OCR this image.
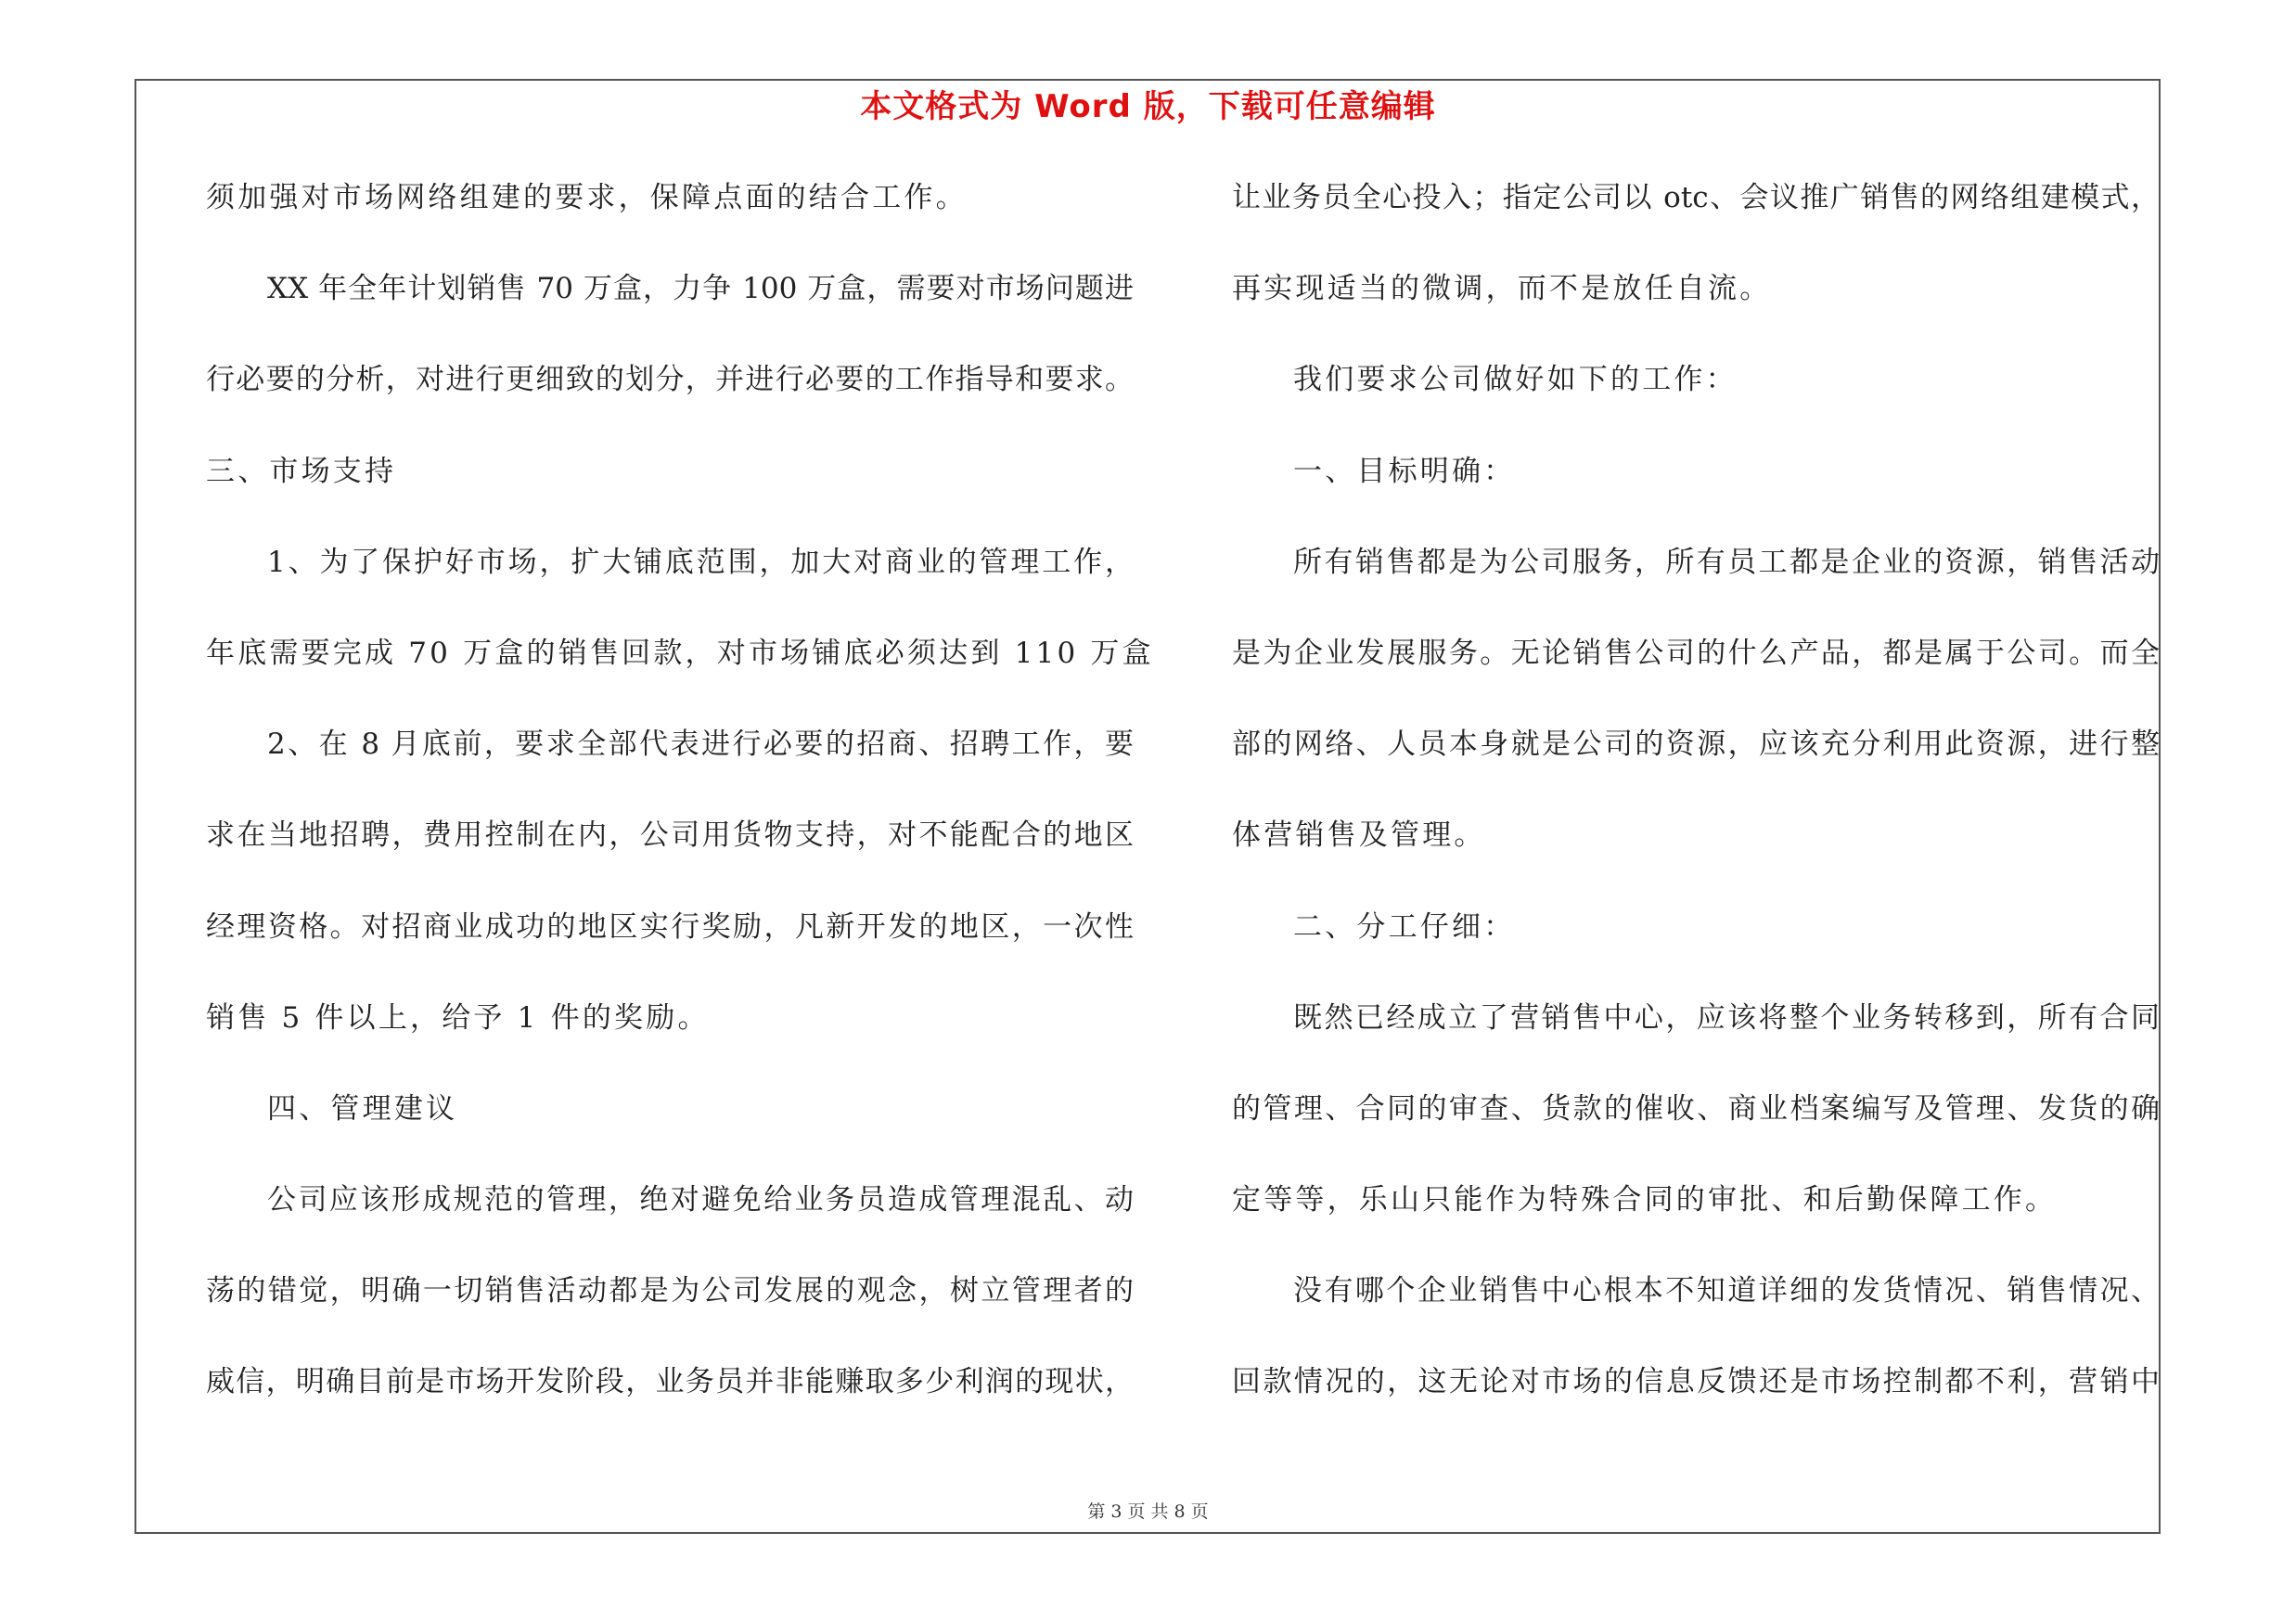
本文格式为 Word 版，下载可任意编辑
须加强对市场网络组建的要求，保障点面的结合工作。
XX 年全年计划销售 70 万盒，力争 100 万盒，需要对市场问题进
行必要的分析，对进行更细致的划分，并进行必要的工作指导和要求。
三、市场支持
1、为了保护好市场，扩大铺底范围，加大对商业的管理工作，
年底需要完成 70 万盒的销售回款，对市场铺底必须达到 110 万盒
2、在 8 月底前，要求全部代表进行必要的招商、招聘工作，要
求在当地招聘，费用控制在内，公司用货物支持，对不能配合的地区
经理资格。对招商业成功的地区实行奖励，凡新开发的地区，一次性
销售 5 件以上，给予 1 件的奖励。
四、管理建议
公司应该形成规范的管理，绝对避免给业务员造成管理混乱、动
荡的错觉，明确一切销售活动都是为公司发展的观念，树立管理者的
威信，明确目前是市场开发阶段，业务员并非能赚取多少利润的现状，
让业务员全心投入；指定公司以 otc、会议推广销售的网络组建模式，
再实现适当的微调，而不是放任自流。
我们要求公司做好如下的工作：
一、目标明确：
所有销售都是为公司服务，所有员工都是企业的资源，销售活动
是为企业发展服务。无论销售公司的什么产品，都是属于公司。而全
部的网络、人员本身就是公司的资源，应该充分利用此资源，进行整
体营销售及管理。
二、分工仔细：
既然已经成立了营销售中心，应该将整个业务转移到，所有合同
的管理、合同的审查、货款的催收、商业档案编写及管理、发货的确
定等等，乐山只能作为特殊合同的审批、和后勤保障工作。
没有哪个企业销售中心根本不知道详细的发货情况、销售情况、
回款情况的，这无论对市场的信息反馈还是市场控制都不利，营销中
第 3 页 共 8 页
